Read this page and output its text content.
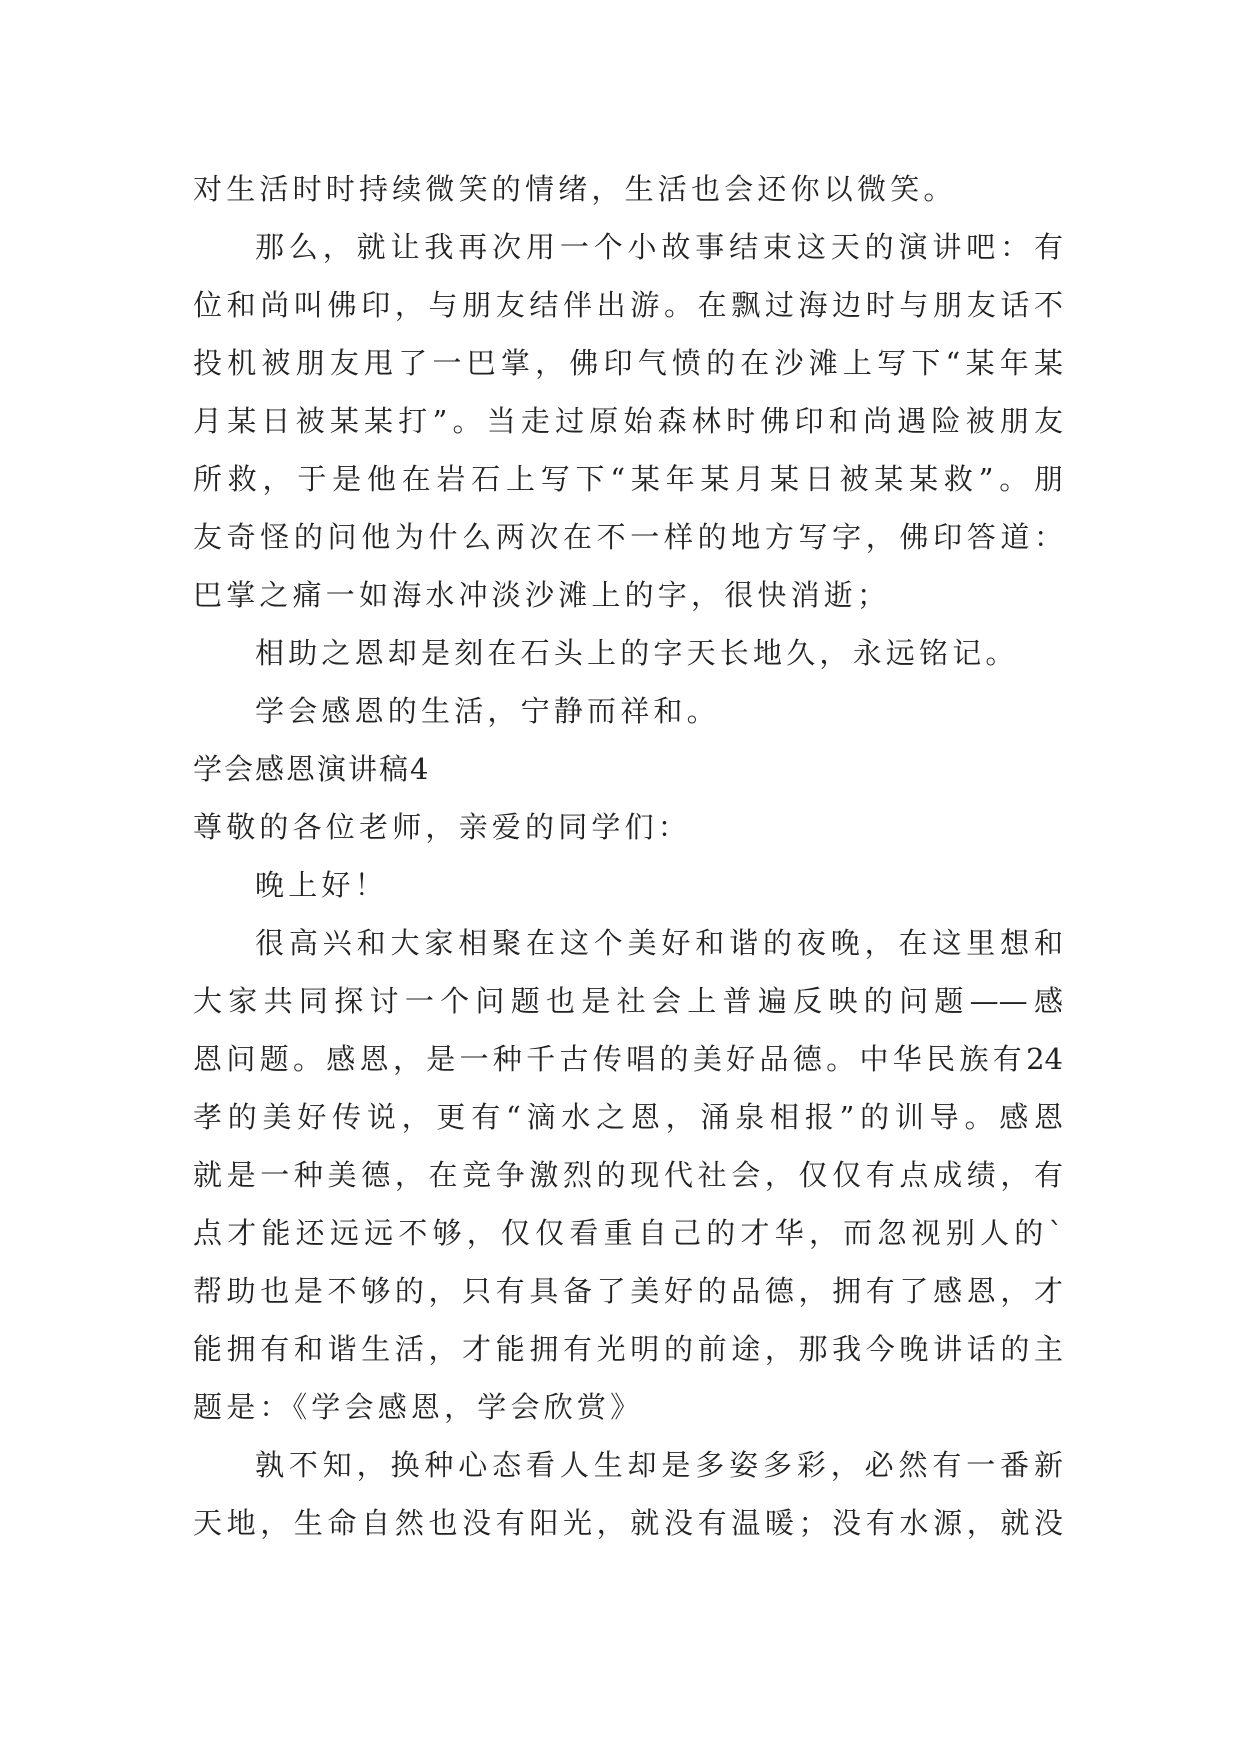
对生活时时持续微笑的情绪，生活也会还你以微笑。
那么，就让我再次用一个小故事结束这天的演讲吧：有
位和尚叫佛印，与朋友结伴出游。在飘过海边时与朋友话不
投机被朋友甩了一巴掌，佛印气愤的在沙滩上写下“某年某
月某日被某某打”。当走过原始森林时佛印和尚遇险被朋友
所救，于是他在岩石上写下“某年某月某日被某某救”。朋
友奇怪的问他为什么两次在不一样的地方写字，佛印答道：
巴掌之痛一如海水冲淡沙滩上的字，很快消逝；
相助之恩却是刻在石头上的字天长地久，永远铭记。
学会感恩的生活，宁静而祥和。
学会感恩演讲稿4
尊敬的各位老师，亲爱的同学们：
晚上好！
很高兴和大家相聚在这个美好和谐的夜晚，在这里想和
大家共同探讨一个问题也是社会上普遍反映的问题——感
恩问题。感恩，是一种千古传唱的美好品德。中华民族有24
孝的美好传说，更有“滴水之恩，涌泉相报”的训导。感恩
就是一种美德，在竞争激烈的现代社会，仅仅有点成绩，有
点才能还远远不够，仅仅看重自己的才华，而忽视别人的`
帮助也是不够的，只有具备了美好的品德，拥有了感恩，才
能拥有和谐生活，才能拥有光明的前途，那我今晚讲话的主
题是：《学会感恩，学会欣赏》
孰不知，换种心态看人生却是多姿多彩，必然有一番新
天地，生命自然也没有阳光，就没有温暖；没有水源，就没
